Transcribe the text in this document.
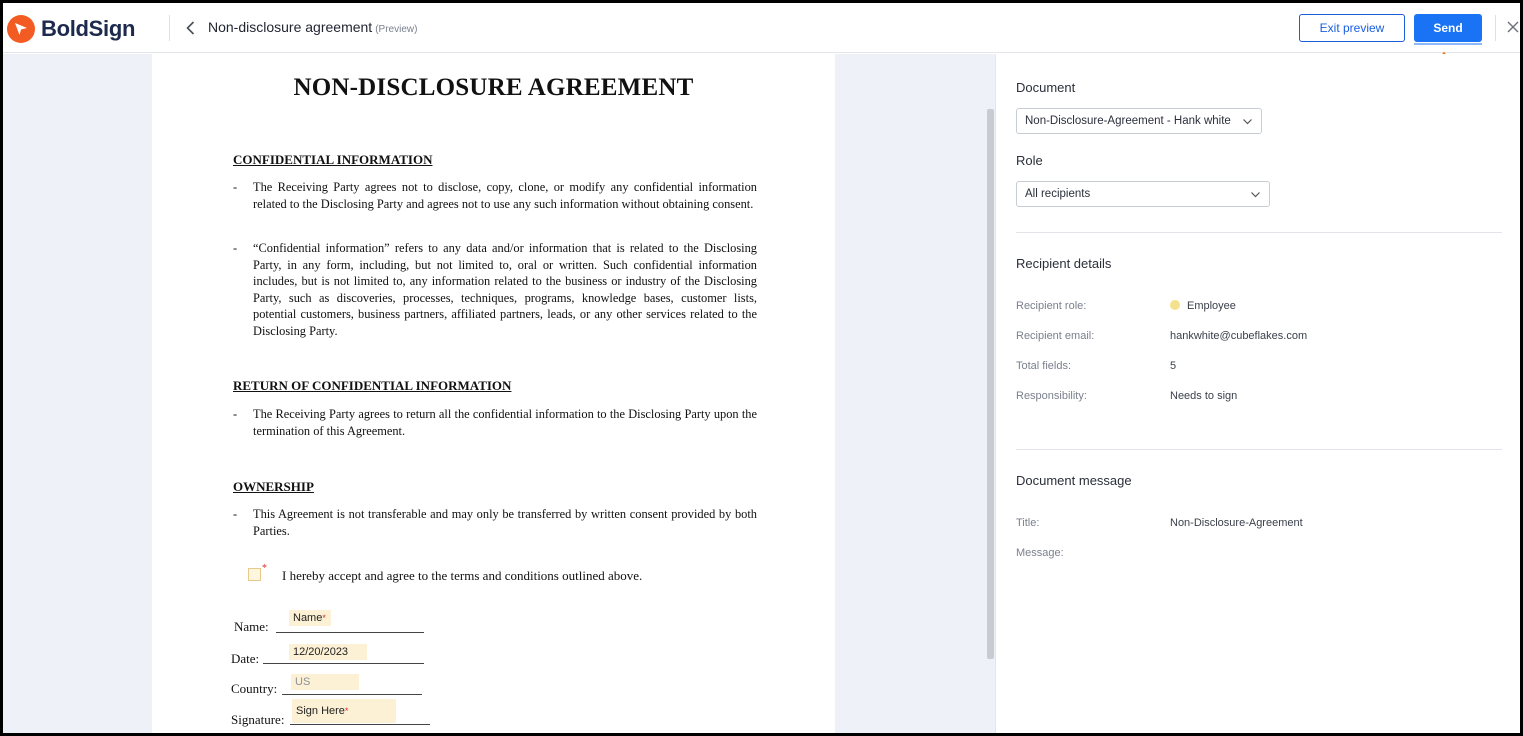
BoldSign	Non-disclosure agreement (Preview)	Exit preview	Send
NON-DISCLOSURE AGREEMENT
CONFIDENTIAL INFORMATION
- The Receiving Party agrees not to disclose, copy, clone, or modify any confidential information related to the Disclosing Party and agrees not to use any such information without obtaining consent.
- “Confidential information” refers to any data and/or information that is related to the Disclosing Party, in any form, including, but not limited to, oral or written. Such confidential information includes, but is not limited to, any information related to the business or industry of the Disclosing Party, such as discoveries, processes, techniques, programs, knowledge bases, customer lists, potential customers, business partners, affiliated partners, leads, or any other services related to the Disclosing Party.
RETURN OF CONFIDENTIAL INFORMATION
- The Receiving Party agrees to return all the confidential information to the Disclosing Party upon the termination of this Agreement.
OWNERSHIP
- This Agreement is not transferable and may only be transferred by written consent provided by both Parties.
* I hereby accept and agree to the terms and conditions outlined above.
Name:
Name*
Date:	12/20/2023
Country:	US
Signature:
Sign Here*
Document
Non-Disclosure-Agreement - Hank white
Role
All recipients
Recipient details
Recipient role:	Employee
Recipient email:	hankwhite@cubeflakes.com
Total fields:	5
Responsibility:	Needs to sign
Document message
Title:	Non-Disclosure-Agreement
Message:
